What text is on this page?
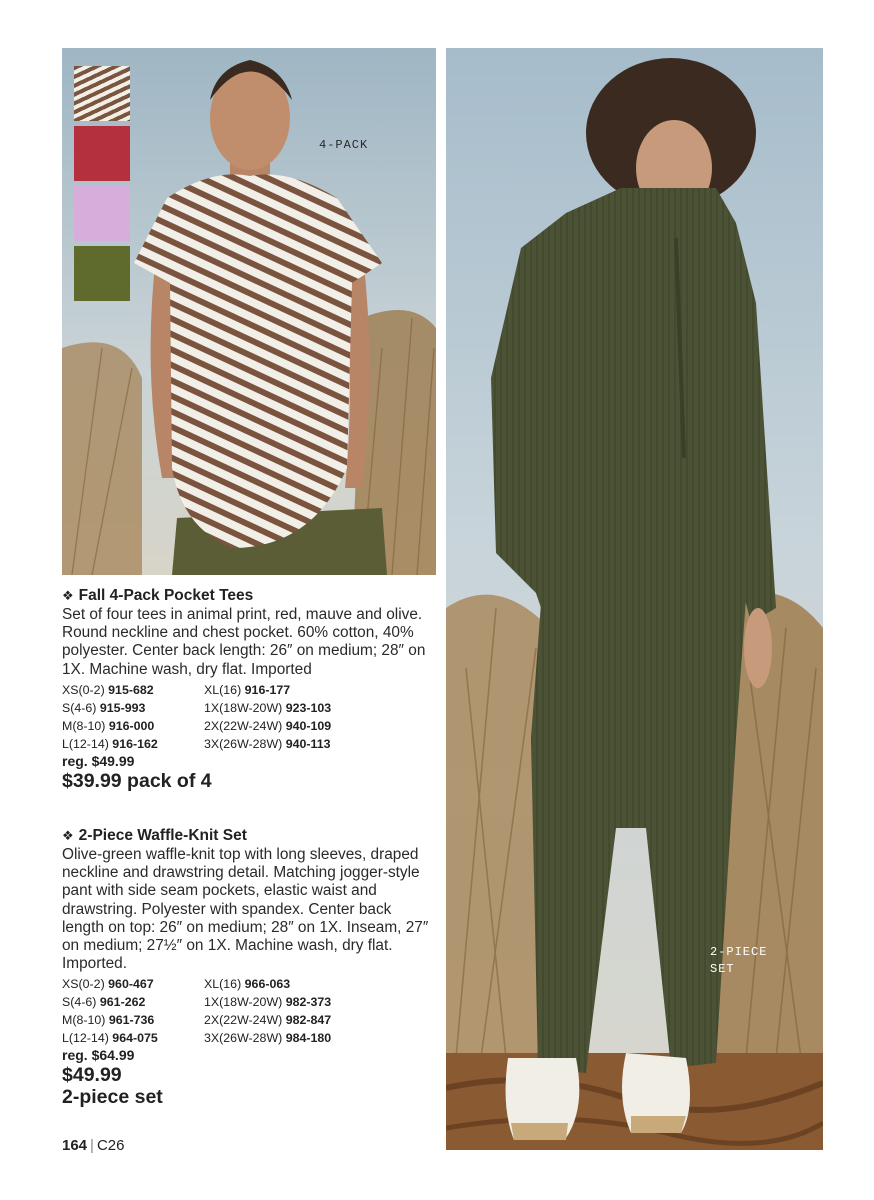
4-PACK
2-PIECE
SET
❖ Fall 4-Pack Pocket Tees
Set of four tees in animal print, red, mauve and olive. Round neckline and chest pocket. 60% cotton, 40% polyester. Center back length: 26″ on medium; 28″ on 1X. Machine wash, dry flat. Imported
XS(0-2) 915-682	XL(16) 916-177
S(4-6) 915-993	1X(18W-20W) 923-103
M(8-10) 916-000	2X(22W-24W) 940-109
L(12-14) 916-162	3X(26W-28W) 940-113
reg. $49.99
$39.99 pack of 4
❖ 2-Piece Waffle-Knit Set
Olive-green waffle-knit top with long sleeves, draped neckline and drawstring detail. Matching jogger-style pant with side seam pockets, elastic waist and drawstring. Polyester with spandex. Center back length on top: 26″ on medium; 28″ on 1X. Inseam, 27″ on medium; 27½″ on 1X. Machine wash, dry flat. Imported.
XS(0-2) 960-467	XL(16) 966-063
S(4-6) 961-262	1X(18W-20W) 982-373
M(8-10) 961-736	2X(22W-24W) 982-847
L(12-14) 964-075	3X(26W-28W) 984-180
reg. $64.99
$49.99
2-piece set
164 | C26
